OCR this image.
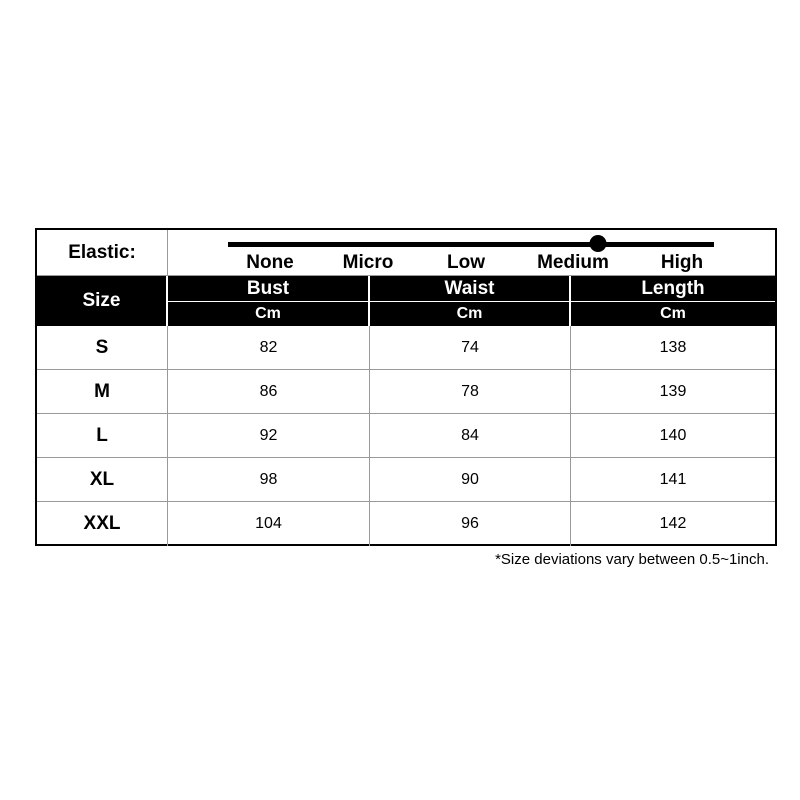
Elastic:	None	Micro	Low	Medium	High
Size
Bust	Waist	Length
Cm	Cm	Cm
S	82	74	138
M	86	78	139
L	92	84	140
XL	98	90	141
XXL	104	96	142
*Size deviations vary between 0.5~1inch.
